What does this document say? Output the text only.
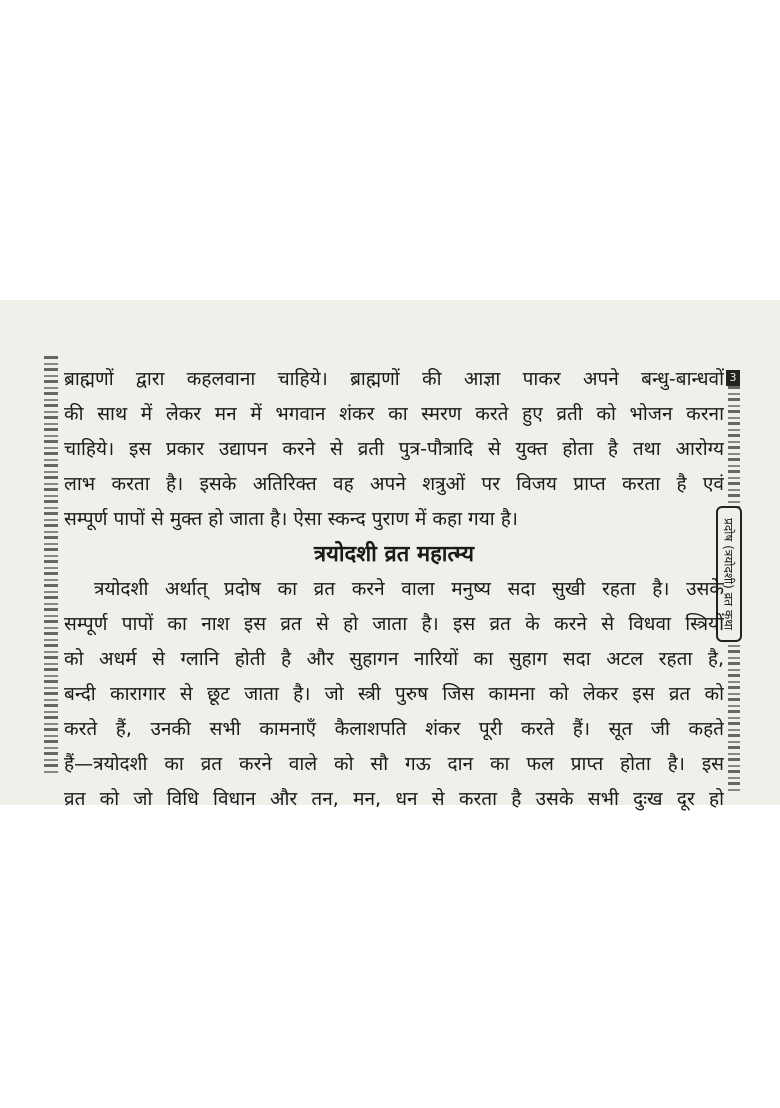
3
प्रदोष (त्रयोदशी) व्रत कथा
ब्राह्मणों द्वारा कहलवाना चाहिये। ब्राह्मणों की आज्ञा पाकर अपने बन्धु-बान्धवों
की साथ में लेकर मन में भगवान शंकर का स्मरण करते हुए व्रती को भोजन करना
चाहिये। इस प्रकार उद्यापन करने से व्रती पुत्र-पौत्रादि से युक्त होता है तथा आरोग्य
लाभ करता है। इसके अतिरिक्त वह अपने शत्रुओं पर विजय प्राप्त करता है एवं
सम्पूर्ण पापों से मुक्त हो जाता है। ऐसा स्कन्द पुराण में कहा गया है।
त्रयोदशी व्रत महात्म्य
त्रयोदशी अर्थात् प्रदोष का व्रत करने वाला मनुष्य सदा सुखी रहता है। उसके
सम्पूर्ण पापों का नाश इस व्रत से हो जाता है। इस व्रत के करने से विधवा स्त्रियों
को अधर्म से ग्लानि होती है और सुहागन नारियों का सुहाग सदा अटल रहता है,
बन्दी कारागार से छूट जाता है। जो स्त्री पुरुष जिस कामना को लेकर इस व्रत को
करते हैं, उनकी सभी कामनाएँ कैलाशपति शंकर पूरी करते हैं। सूत जी कहते
हैं—त्रयोदशी का व्रत करने वाले को सौ गऊ दान का फल प्राप्त होता है। इस
व्रत को जो विधि विधान और तन, मन, धन से करता है उसके सभी दुःख दूर हो
